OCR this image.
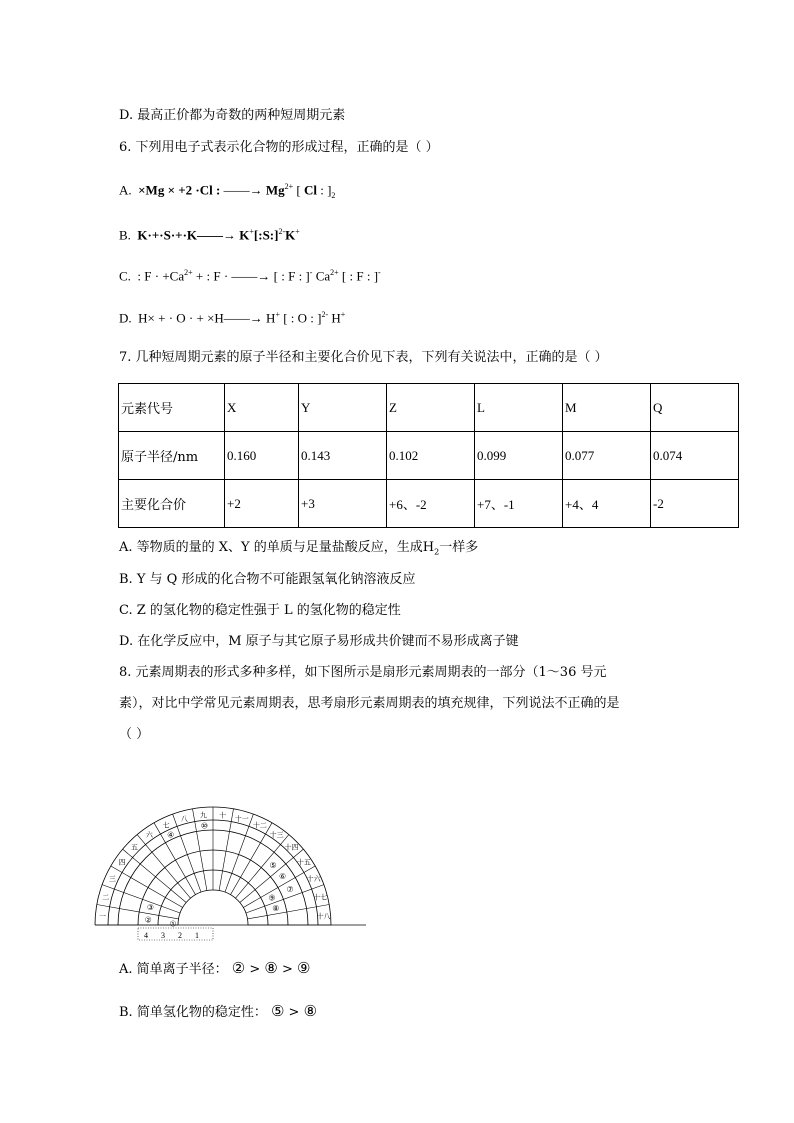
D. 最高正价都为奇数的两种短周期元素
6. 下列用电子式表示化合物的形成过程，正确的是（ ）
A. ×Mg × +2 ·Cl : ——→ $Mg^{2+}$ [ Cl : ]$_2$
B. K·+·S·+·K——→ K+[:S:]$^{2-}$K+
C. : $F \cdot +Ca^{2+}$ + : F · ——→ [ : F : ]- $Ca^{2+}$ [ : F : ]-
D. H× + · O · + ×H——→ H+ [ : O : ]$^{2-}$ H+
7. 几种短周期元素的原子半径和主要化合价见下表，下列有关说法中，正确的是（ ）
元素代号	X	Y	Z	L	M	Q
原子半径/nm	0.160	0.143	0.102	0.099	0.077	0.074
主要化合价	+2	+3	+6、-2	+7、-1	+4、4	-2
A. 等物质的量的 X、Y 的单质与足量盐酸反应，生成$H_2$一样多
B. Y 与 Q 形成的化合物不可能跟氢氧化钠溶液反应
C. Z 的氢化物的稳定性强于 L 的氢化物的稳定性
D. 在化学反应中，M 原子与其它原子易形成共价键而不易形成离子键
8. 元素周期表的形式多种多样，如下图所示是扇形元素周期表的一部分（1～36 号元
素），对比中学常见元素周期表，思考扇形元素周期表的填充规律，下列说法不正确的是
（ ）
一
二
三
四
五
六
七
八 九 十 十一
十二
十三
十四
十五
十六
十七
十八
①
②
③
④
⑤
⑥
⑦
⑧
⑨
⑩
4 3 2 1
A. 简单离子半径： ② > ⑧ > ⑨
B. 简单氢化物的稳定性： ⑤ > ⑧
